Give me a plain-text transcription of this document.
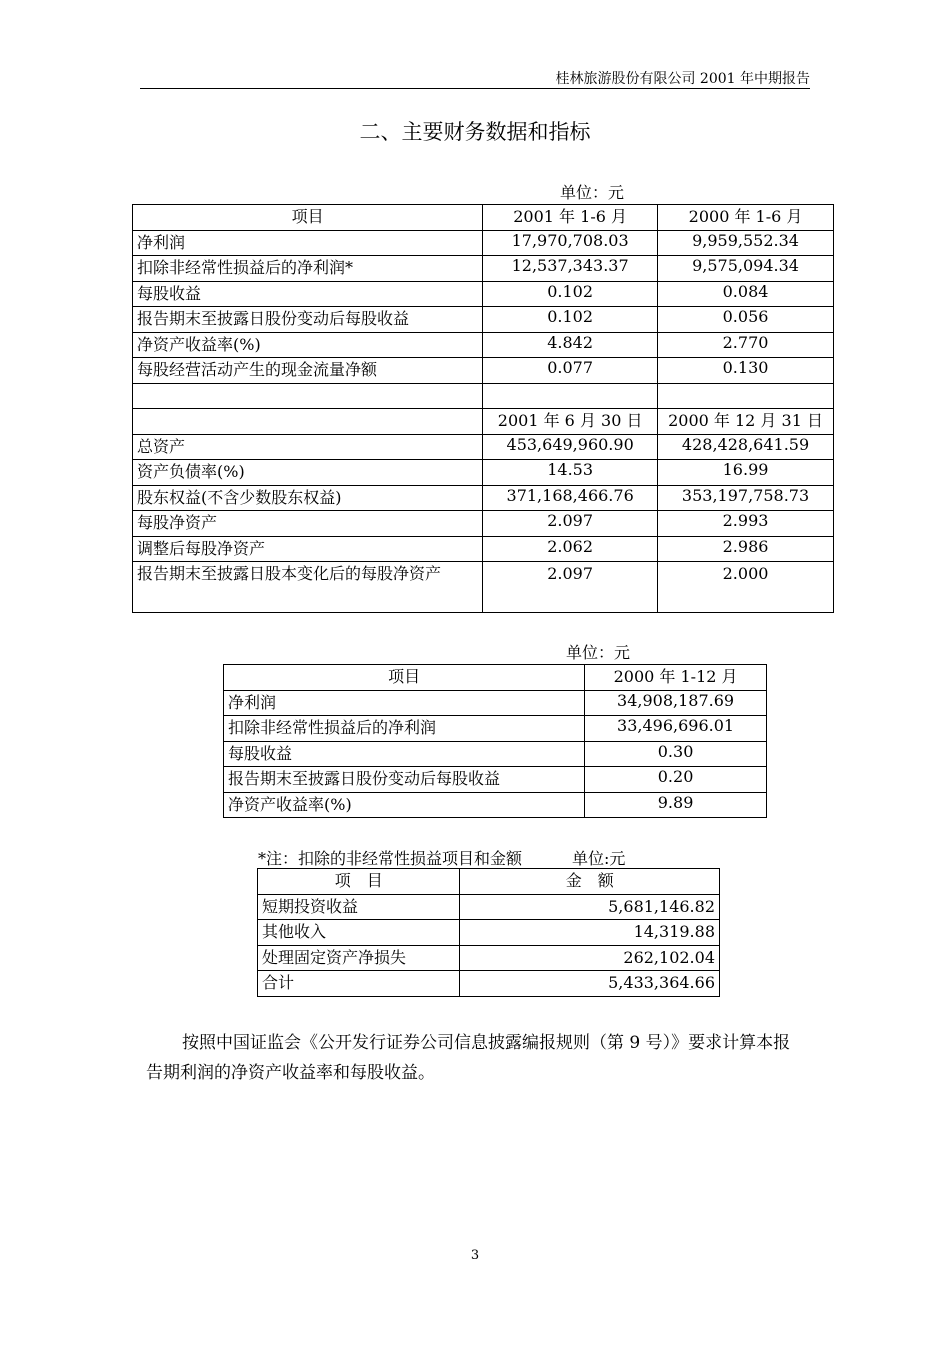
桂林旅游股份有限公司 2001 年中期报告
二、主要财务数据和指标
单位：元
项目	2001 年 1-6 月	2000 年 1-6 月
净利润	17,970,708.03	9,959,552.34
扣除非经常性损益后的净利润*	12,537,343.37	9,575,094.34
每股收益	0.102	0.084
报告期末至披露日股份变动后每股收益	0.102	0.056
净资产收益率(%)	4.842	2.770
每股经营活动产生的现金流量净额	0.077	0.130

	2001 年 6 月 30 日	2000 年 12 月 31 日
总资产	453,649,960.90	428,428,641.59
资产负债率(%)	14.53	16.99
股东权益(不含少数股东权益)	371,168,466.76	353,197,758.73
每股净资产	2.097	2.993
调整后每股净资产	2.062	2.986
报告期末至披露日股本变化后的每股净资产	2.097	2.000
单位：元
项目	2000 年 1-12 月
净利润	34,908,187.69
扣除非经常性损益后的净利润	33,496,696.01
每股收益	0.30
报告期末至披露日股份变动后每股收益	0.20
净资产收益率(%)	9.89
*注：扣除的非经常性损益项目和金额	单位:元
项　目	金　额
短期投资收益	5,681,146.82
其他收入	14,319.88
处理固定资产净损失	262,102.04
合计	5,433,364.66
按照中国证监会《公开发行证券公司信息披露编报规则（第 9 号）》要求计算本报告期利润的净资产收益率和每股收益。
3
